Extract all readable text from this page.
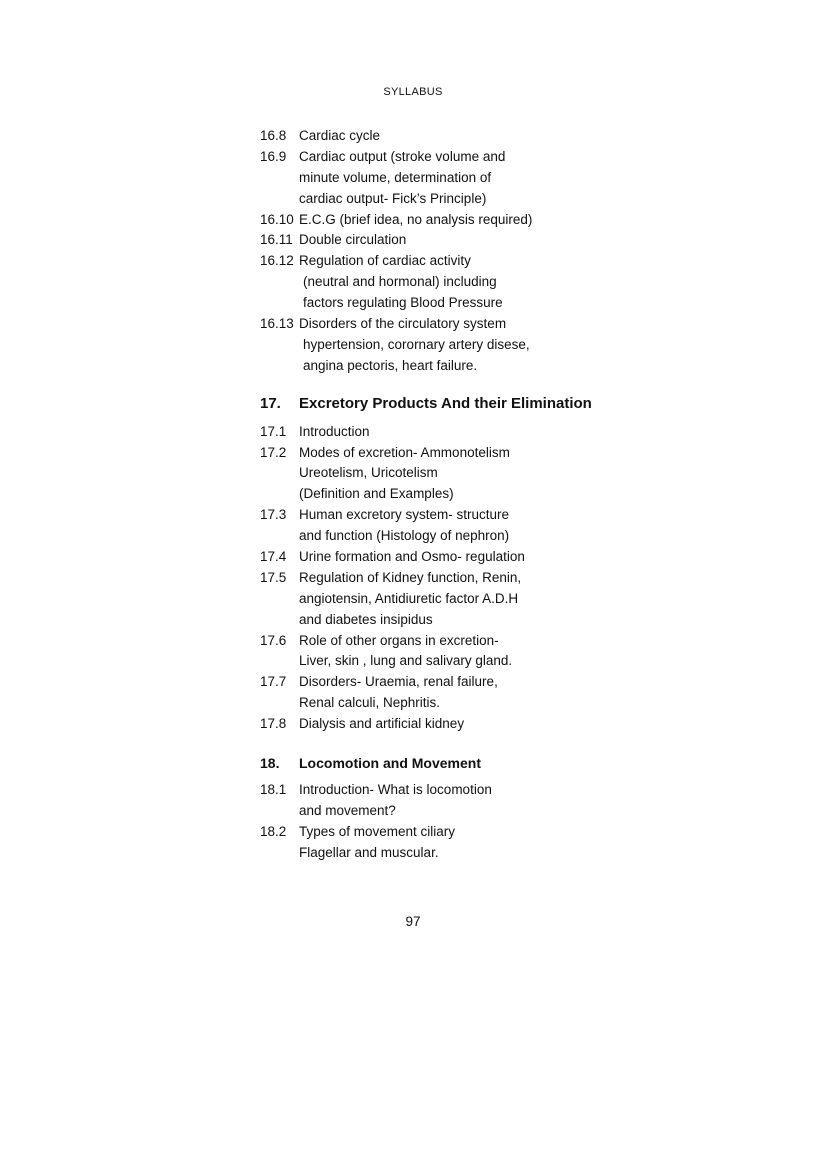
SYLLABUS
16.8 Cardiac cycle
16.9 Cardiac output (stroke volume and
minute volume, determination of
cardiac output- Fick’s Principle)
16.10 E.C.G (brief idea, no analysis required)
16.11 Double circulation
16.12 Regulation of cardiac activity
(neutral and hormonal) including
factors regulating Blood Pressure
16.13 Disorders of the circulatory system
hypertension, corornary artery disese,
angina pectoris, heart failure.
17. Excretory Products And their Elimination
17.1 Introduction
17.2 Modes of excretion- Ammonotelism
Ureotelism, Uricotelism
(Definition and Examples)
17.3 Human excretory system- structure
and function (Histology of nephron)
17.4 Urine formation and Osmo- regulation
17.5 Regulation of Kidney function, Renin,
angiotensin, Antidiuretic factor A.D.H
and diabetes insipidus
17.6 Role of other organs in excretion-
Liver, skin , lung and salivary gland.
17.7 Disorders- Uraemia, renal failure,
Renal calculi, Nephritis.
17.8 Dialysis and artificial kidney
18. Locomotion and Movement
18.1 Introduction- What is locomotion
and movement?
18.2 Types of movement ciliary
Flagellar and muscular.
97
